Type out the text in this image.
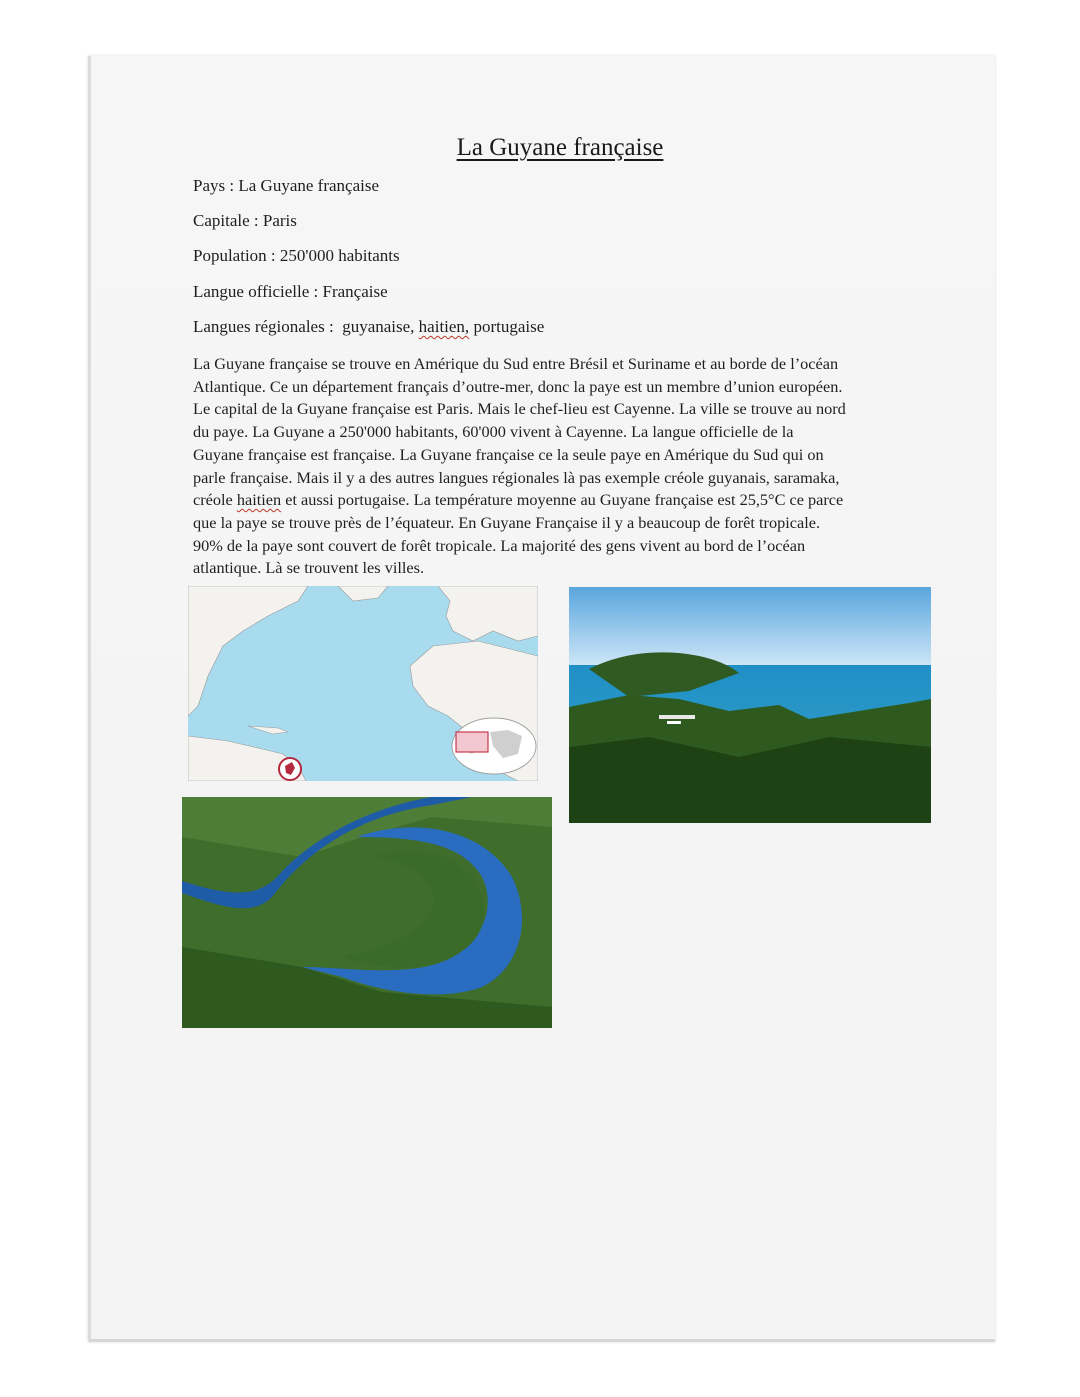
La Guyane française
Pays : La Guyane française
Capitale : Paris
Population : 250'000 habitants
Langue officielle : Française
Langues régionales :  guyanaise, haitien, portugaise
La Guyane française se trouve en Amérique du Sud entre Brésil et Suriname et au borde de l’océan
Atlantique. Ce un département français d’outre-mer, donc la paye est un membre d’union européen.
Le capital de la Guyane française est Paris. Mais le chef-lieu est Cayenne. La ville se trouve au nord
du paye. La Guyane a 250'000 habitants, 60'000 vivent à Cayenne. La langue officielle de la
Guyane française est française. La Guyane française ce la seule paye en Amérique du Sud qui on
parle française. Mais il y a des autres langues régionales là pas exemple créole guyanais, saramaka,
créole haitien et aussi portugaise. La température moyenne au Guyane française est 25,5°C ce parce
que la paye se trouve près de l’équateur. En Guyane Française il y a beaucoup de forêt tropicale.
90% de la paye sont couvert de forêt tropicale. La majorité des gens vivent au bord de l’océan
atlantique. Là se trouvent les villes.
